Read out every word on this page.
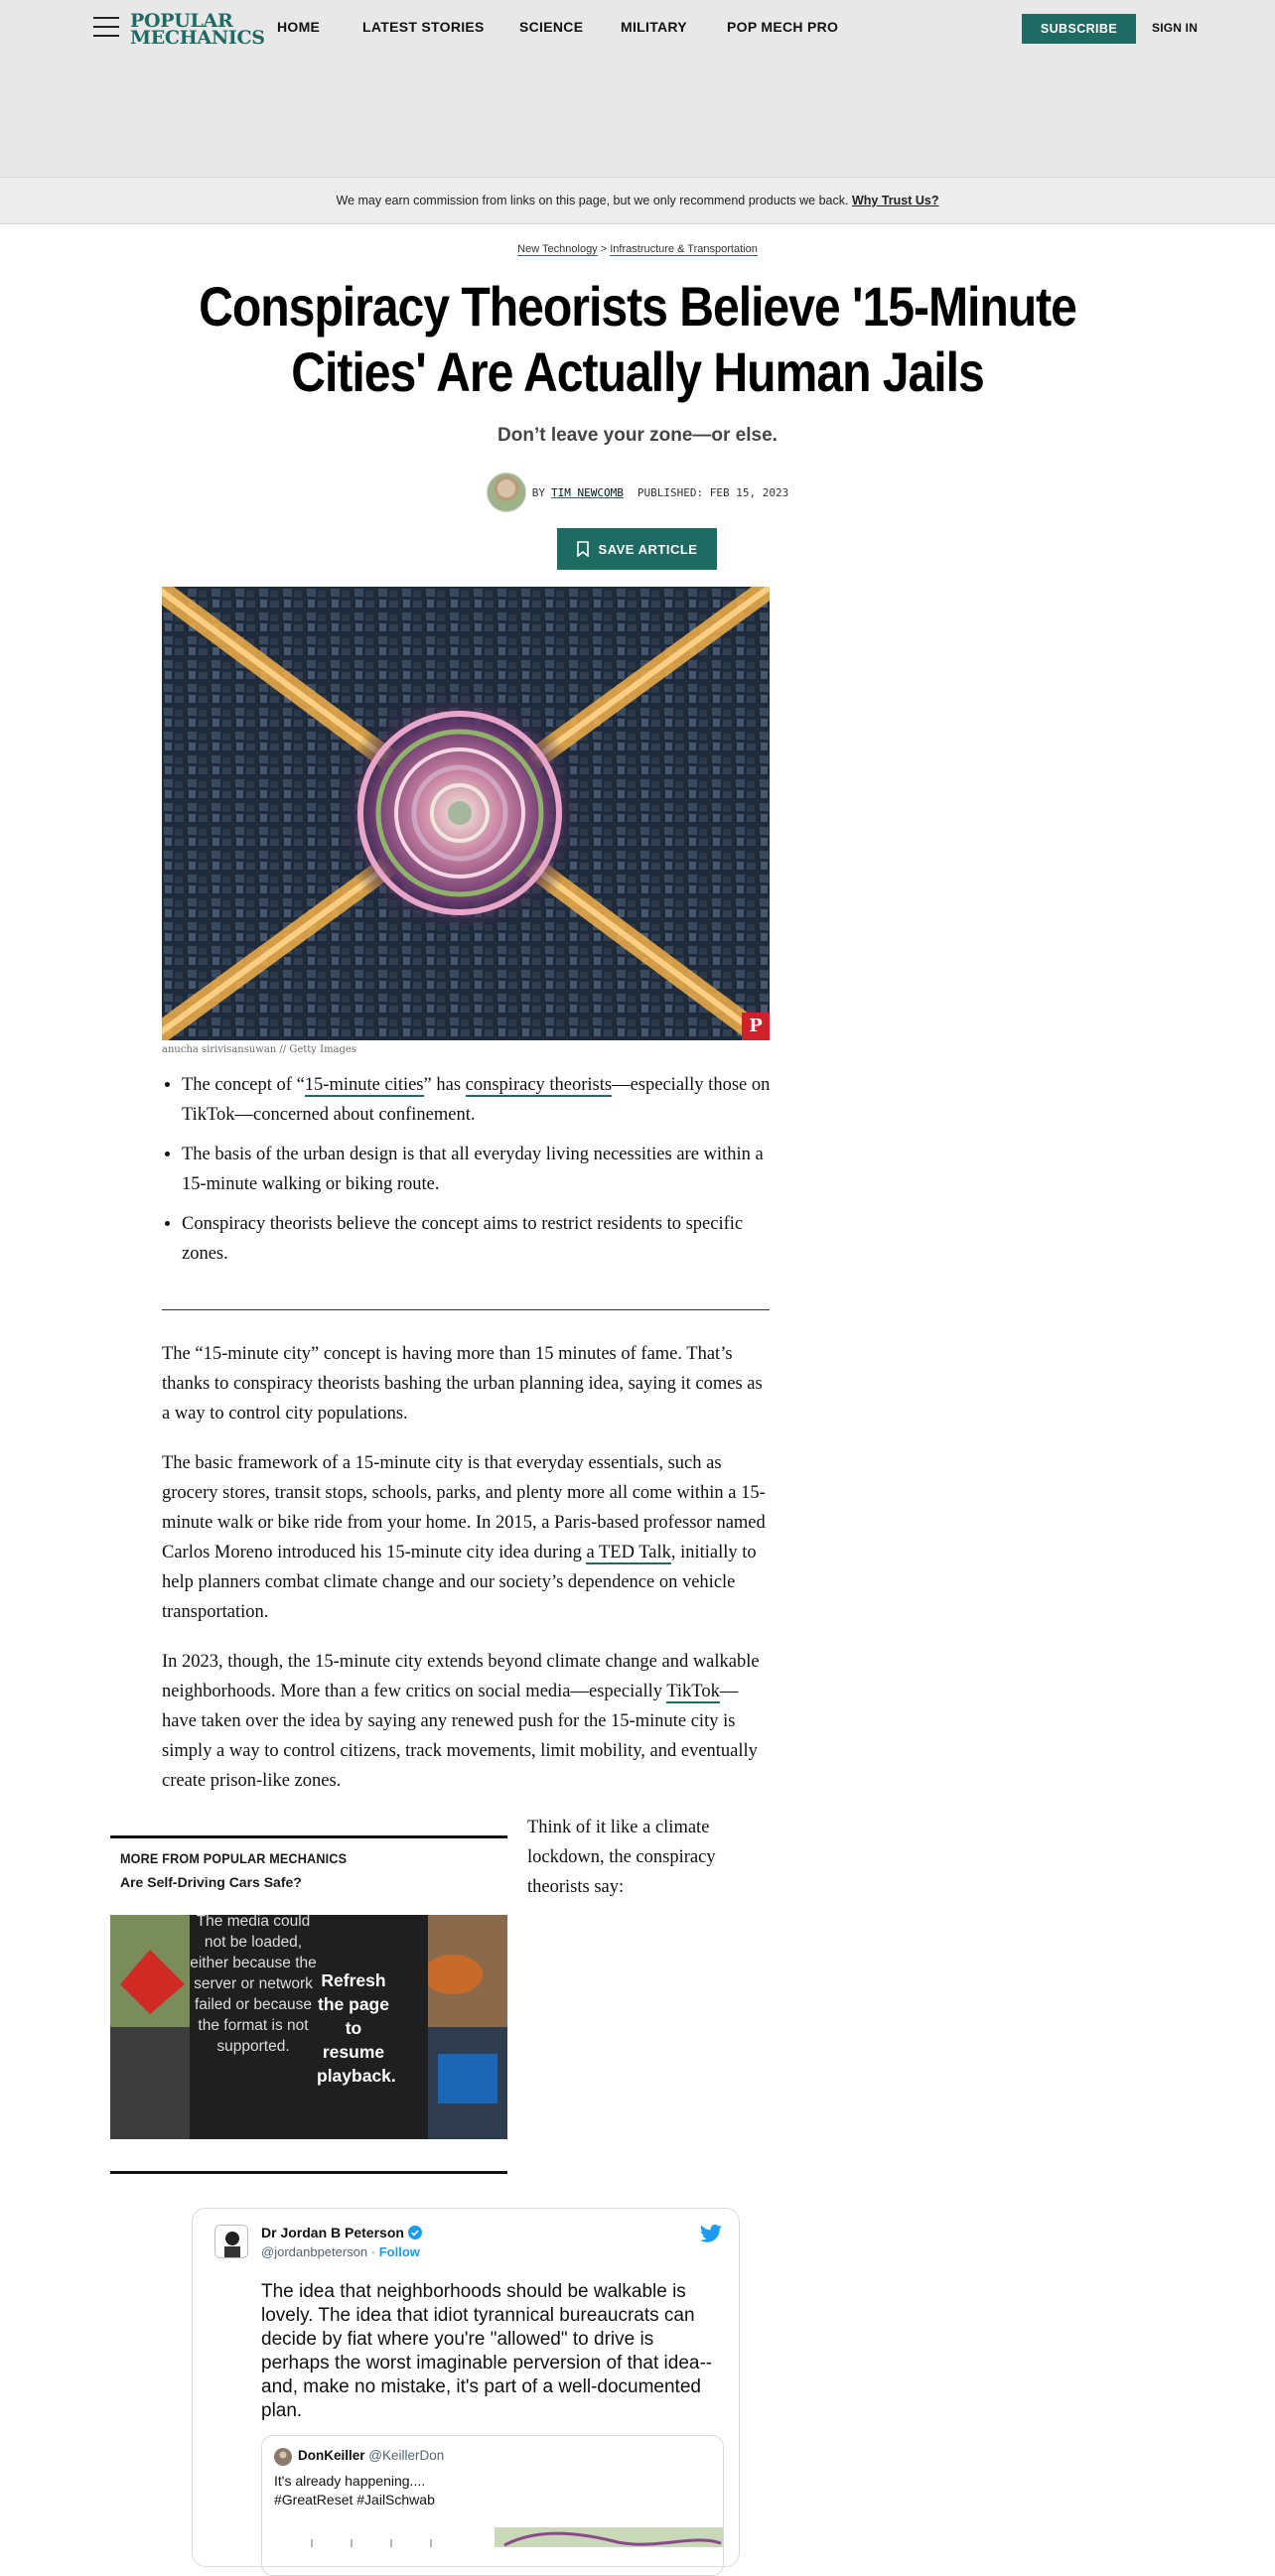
POPULAR
MECHANICS HOME	LATEST STORIES	SCIENCE	MILITARY	POP MECH PRO	SUBSCRIBE	SIGN IN
We may earn commission from links on this page, but we only recommend products we back. Why Trust Us?
New Technology > Infrastructure & Transportation
Conspiracy Theorists Believe '15-Minute Cities' Are Actually Human Jails
Don’t leave your zone—or else.
BY TIM NEWCOMB PUBLISHED: FEB 15, 2023
SAVE ARTICLE
P
anucha sirivisansuwan // Getty Images
• The concept of “15-minute cities” has conspiracy theorists—especially those on TikTok—concerned about confinement.
• The basis of the urban design is that all everyday living necessities are within a 15-minute walking or biking route.
• Conspiracy theorists believe the concept aims to restrict residents to specific zones.

The “15-minute city” concept is having more than 15 minutes of fame. That’s thanks to conspiracy theorists bashing the urban planning idea, saying it comes as a way to control city populations.

The basic framework of a 15-minute city is that everyday essentials, such as grocery stores, transit stops, schools, parks, and plenty more all come within a 15-minute walk or bike ride from your home. In 2015, a Paris-based professor named Carlos Moreno introduced his 15-minute city idea during a TED Talk, initially to help planners combat climate change and our society’s dependence on vehicle transportation.

In 2023, though, the 15-minute city extends beyond climate change and walkable neighborhoods. More than a few critics on social media—especially TikTok—have taken over the idea by saying any renewed push for the 15-minute city is simply a way to control citizens, track movements, limit mobility, and eventually create prison-like zones.

MORE FROM POPULAR MECHANICS
Are Self-Driving Cars Safe?
The media could not be loaded, either because the server or network failed or because the format is not supported.
Refresh the page to resume playback.
Think of it like a climate lockdown, the conspiracy theorists say:
Dr Jordan B Peterson
@jordanbpeterson · Follow
The idea that neighborhoods should be walkable is lovely. The idea that idiot tyrannical bureaucrats can decide by fiat where you're "allowed" to drive is perhaps the worst imaginable perversion of that idea--and, make no mistake, it's part of a well-documented plan.
DonKeiller @KeillerDon
It's already happening....
#GreatReset #JailSchwab
